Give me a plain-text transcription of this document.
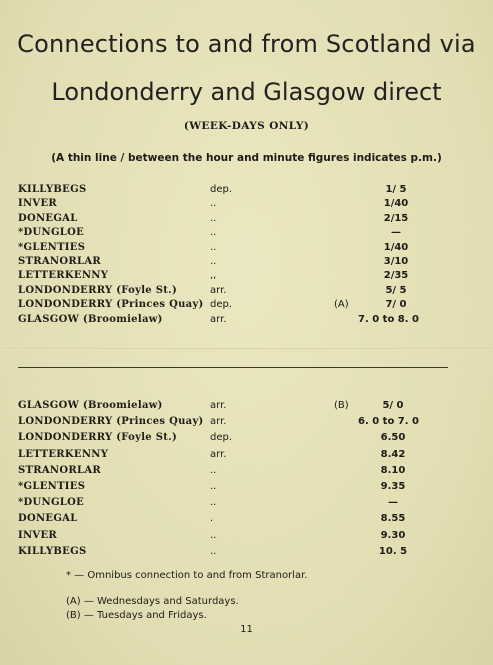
Connections to and from Scotland via
Londonderry and Glasgow direct
(WEEK-DAYS ONLY)
(A thin line / between the hour and minute figures indicates p.m.)
KILLYBEGS	dep.	1/ 5
INVER	..	1/40
DONEGAL	..	2/15
*DUNGLOE	..	—
*GLENTIES	..	1/40
STRANORLAR	..	3/10
LETTERKENNY	,,	2/35
LONDONDERRY (Foyle St.)	arr.	5/ 5
LONDONDERRY (Princes Quay) dep.	(A)	7/ 0
GLASGOW (Broomielaw)	arr.	7. 0 to 8. 0
GLASGOW (Broomielaw)	arr.	(B)	5/ 0
LONDONDERRY (Princes Quay) arr.	6. 0 to 7. 0
LONDONDERRY (Foyle St.)	dep.	6.50
LETTERKENNY	arr.	8.42
STRANORLAR	..	8.10
*GLENTIES	..	9.35
*DUNGLOE	..	—
DONEGAL	.	8.55
INVER	..	9.30
KILLYBEGS	..	10. 5
* — Omnibus connection to and from Stranorlar.
(A) — Wednesdays and Saturdays.
(B) — Tuesdays and Fridays.
11
